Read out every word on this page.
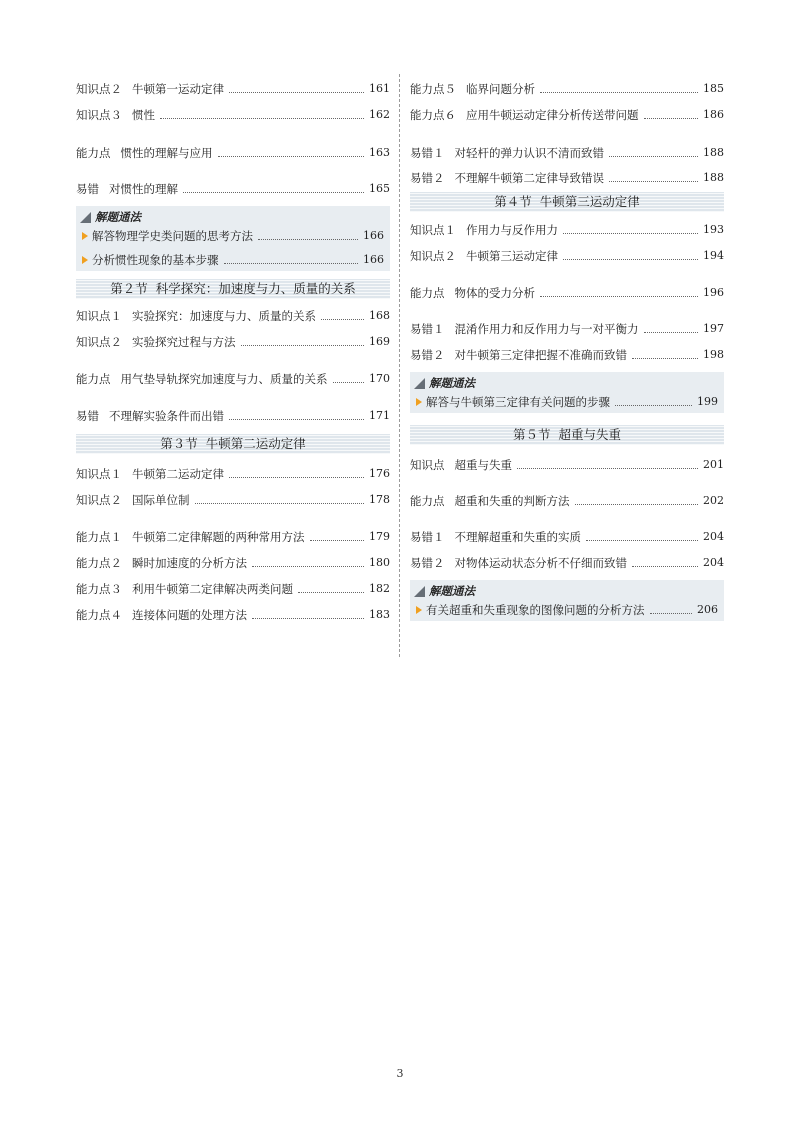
知识点２ 牛顿第一运动定律	161
知识点３ 惯性	162
能力点 惯性的理解与应用	163
易错 对惯性的理解	165
解题通法
解答物理学史类问题的思考方法	166
分析惯性现象的基本步骤	166
第２节 科学探究：加速度与力、质量的关系
知识点１ 实验探究：加速度与力、质量的关系	168
知识点２ 实验探究过程与方法	169
能力点 用气垫导轨探究加速度与力、质量的关系	170
易错 不理解实验条件而出错	171
第３节 牛顿第二运动定律
知识点１ 牛顿第二运动定律	176
知识点２ 国际单位制	178
能力点１ 牛顿第二定律解题的两种常用方法	179
能力点２ 瞬时加速度的分析方法	180
能力点３ 利用牛顿第二定律解决两类问题	182
能力点４ 连接体问题的处理方法	183
能力点５ 临界问题分析	185
能力点６ 应用牛顿运动定律分析传送带问题	186
易错１ 对轻杆的弹力认识不清而致错	188
易错２ 不理解牛顿第二定律导致错误	188
第４节 牛顿第三运动定律
知识点１ 作用力与反作用力	193
知识点２ 牛顿第三运动定律	194
能力点 物体的受力分析	196
易错１ 混淆作用力和反作用力与一对平衡力	197
易错２ 对牛顿第三定律把握不准确而致错	198
解题通法
解答与牛顿第三定律有关问题的步骤	199
第５节 超重与失重
知识点 超重与失重	201
能力点 超重和失重的判断方法	202
易错１ 不理解超重和失重的实质	204
易错２ 对物体运动状态分析不仔细而致错	204
解题通法
有关超重和失重现象的图像问题的分析方法	206
3
